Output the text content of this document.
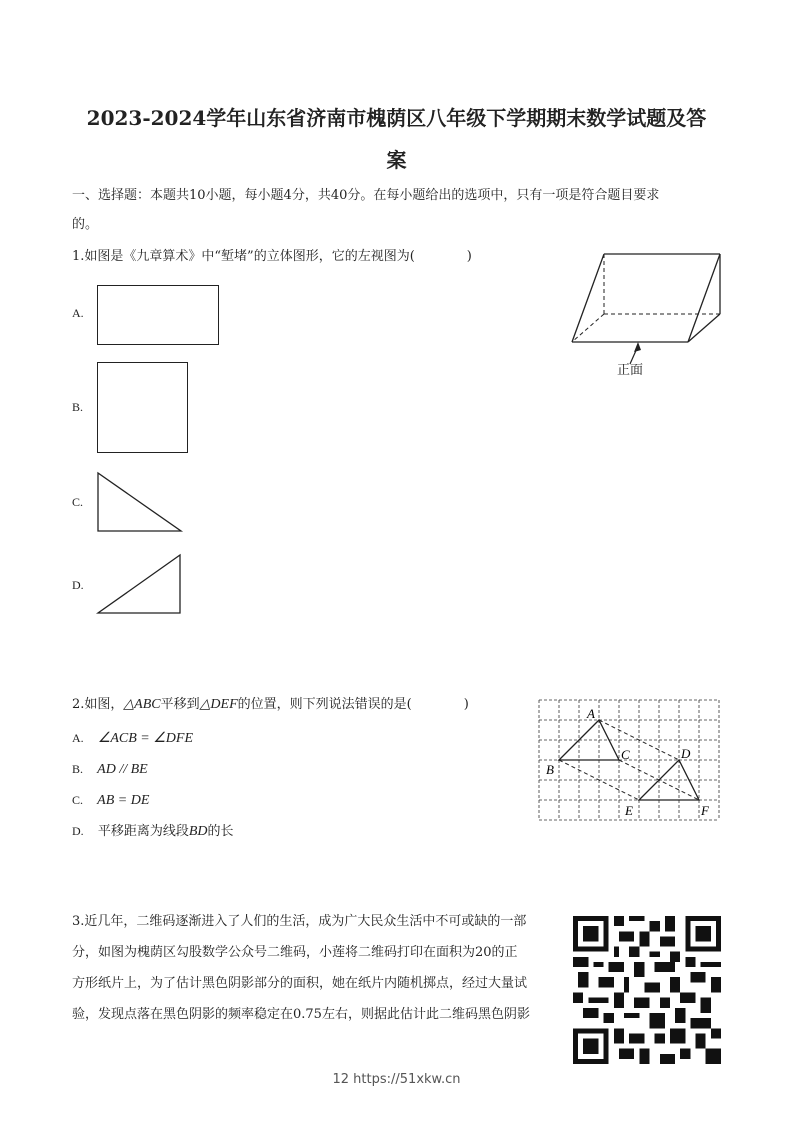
2023-2024学年山东省济南市槐荫区八年级下学期期末数学试题及答
案
一、选择题：本题共10小题，每小题4分，共40分。在每小题给出的选项中，只有一项是符合题目要求
的。
1.如图是《九章算术》中“堑堵”的立体图形，它的左视图为(　　　　)
正面
A.
B.
C.
D.
2.如图，△ABC平移到△DEF的位置，则下列说法错误的是(　　　　)
A. ∠ACB = ∠DFE
B. AD // BE
C. AB = DE
D. 平移距离为线段BD的长
A
B
C	D
E	F
3.近几年，二维码逐渐进入了人们的生活，成为广大民众生活中不可或缺的一部
分，如图为槐荫区勾股数学公众号二维码，小莲将二维码打印在面积为20的正
方形纸片上，为了估计黑色阴影部分的面积，她在纸片内随机掷点，经过大量试
验，发现点落在黑色阴影的频率稳定在0.75左右，则据此估计此二维码黑色阴影
12 https://51xkw.cn
